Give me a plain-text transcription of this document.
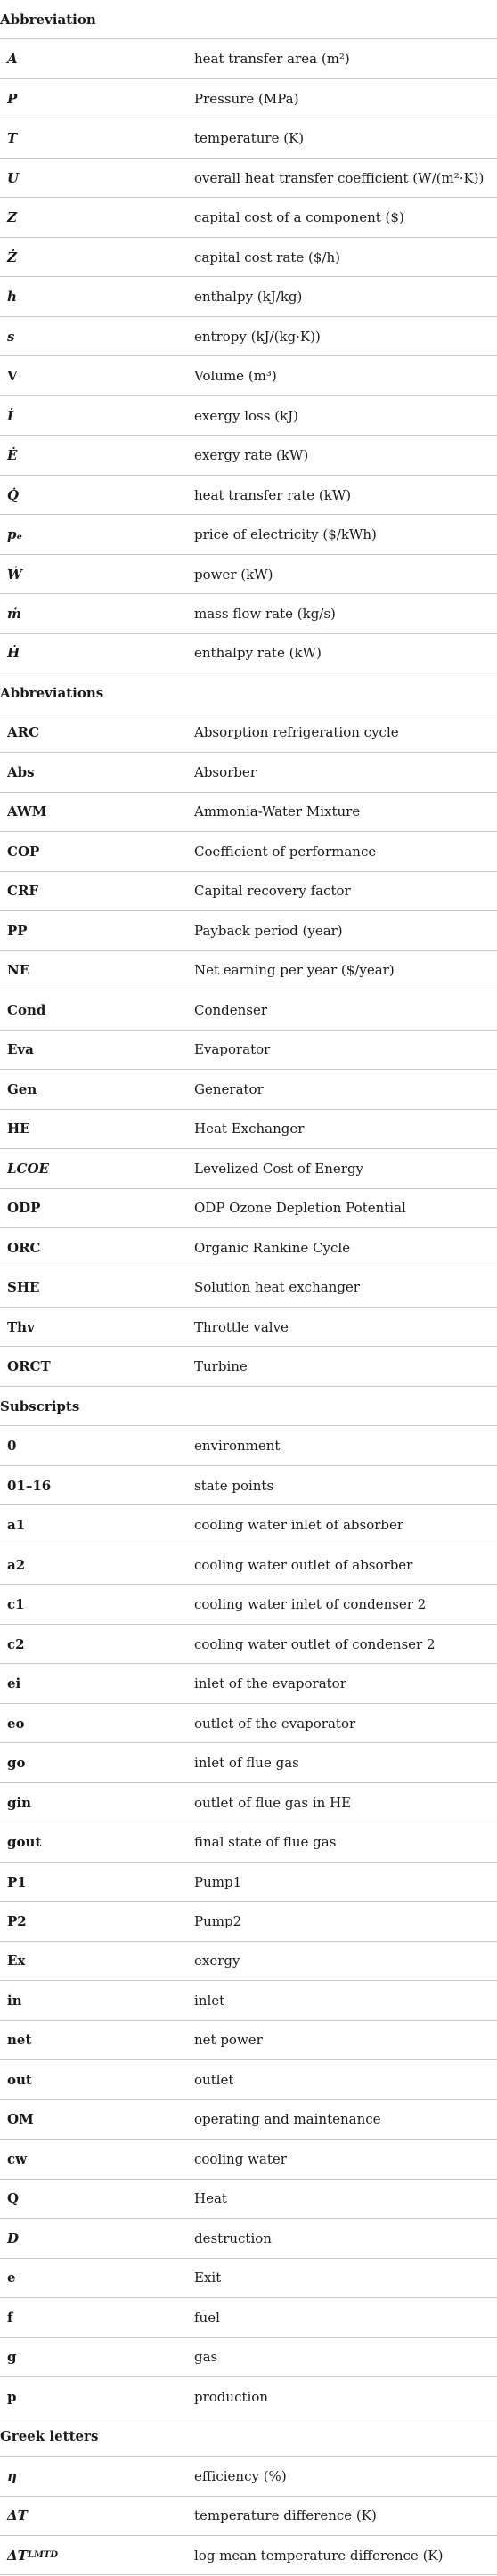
Abbreviation
A	heat transfer area (m²)
P	Pressure (MPa)
T	temperature (K)
U	overall heat transfer coefficient (W/(m²·K))
Z	capital cost of a component ($)
Ż	capital cost rate ($/h)
h	enthalpy (kJ/kg)
s	entropy (kJ/(kg·K))
V	Volume (m³)
İ	exergy loss (kJ)
Ė	exergy rate (kW)
Q̇	heat transfer rate (kW)
pₑ	price of electricity ($/kWh)
Ẇ	power (kW)
ṁ	mass flow rate (kg/s)
Ḣ	enthalpy rate (kW)
Abbreviations
ARC	Absorption refrigeration cycle
Abs	Absorber
AWM	Ammonia-Water Mixture
COP	Coefficient of performance
CRF	Capital recovery factor
PP	Payback period (year)
NE	Net earning per year ($/year)
Cond	Condenser
Eva	Evaporator
Gen	Generator
HE	Heat Exchanger
LCOE	Levelized Cost of Energy
ODP	ODP Ozone Depletion Potential
ORC	Organic Rankine Cycle
SHE	Solution heat exchanger
Thv	Throttle valve
ORCT	Turbine
Subscripts
0	environment
01–16	state points
a1	cooling water inlet of absorber
a2	cooling water outlet of absorber
c1	cooling water inlet of condenser 2
c2	cooling water outlet of condenser 2
ei	inlet of the evaporator
eo	outlet of the evaporator
go	inlet of flue gas
gin	outlet of flue gas in HE
gout	final state of flue gas
P1	Pump1
P2	Pump2
Ex	exergy
in	inlet
net	net power
out	outlet
OM	operating and maintenance
cw	cooling water
Q	Heat
D	destruction
e	Exit
f	fuel
g	gas
p	production
Greek letters
η	efficiency (%)
ΔT	temperature difference (K)
ΔT LMTD	log mean temperature difference (K)
